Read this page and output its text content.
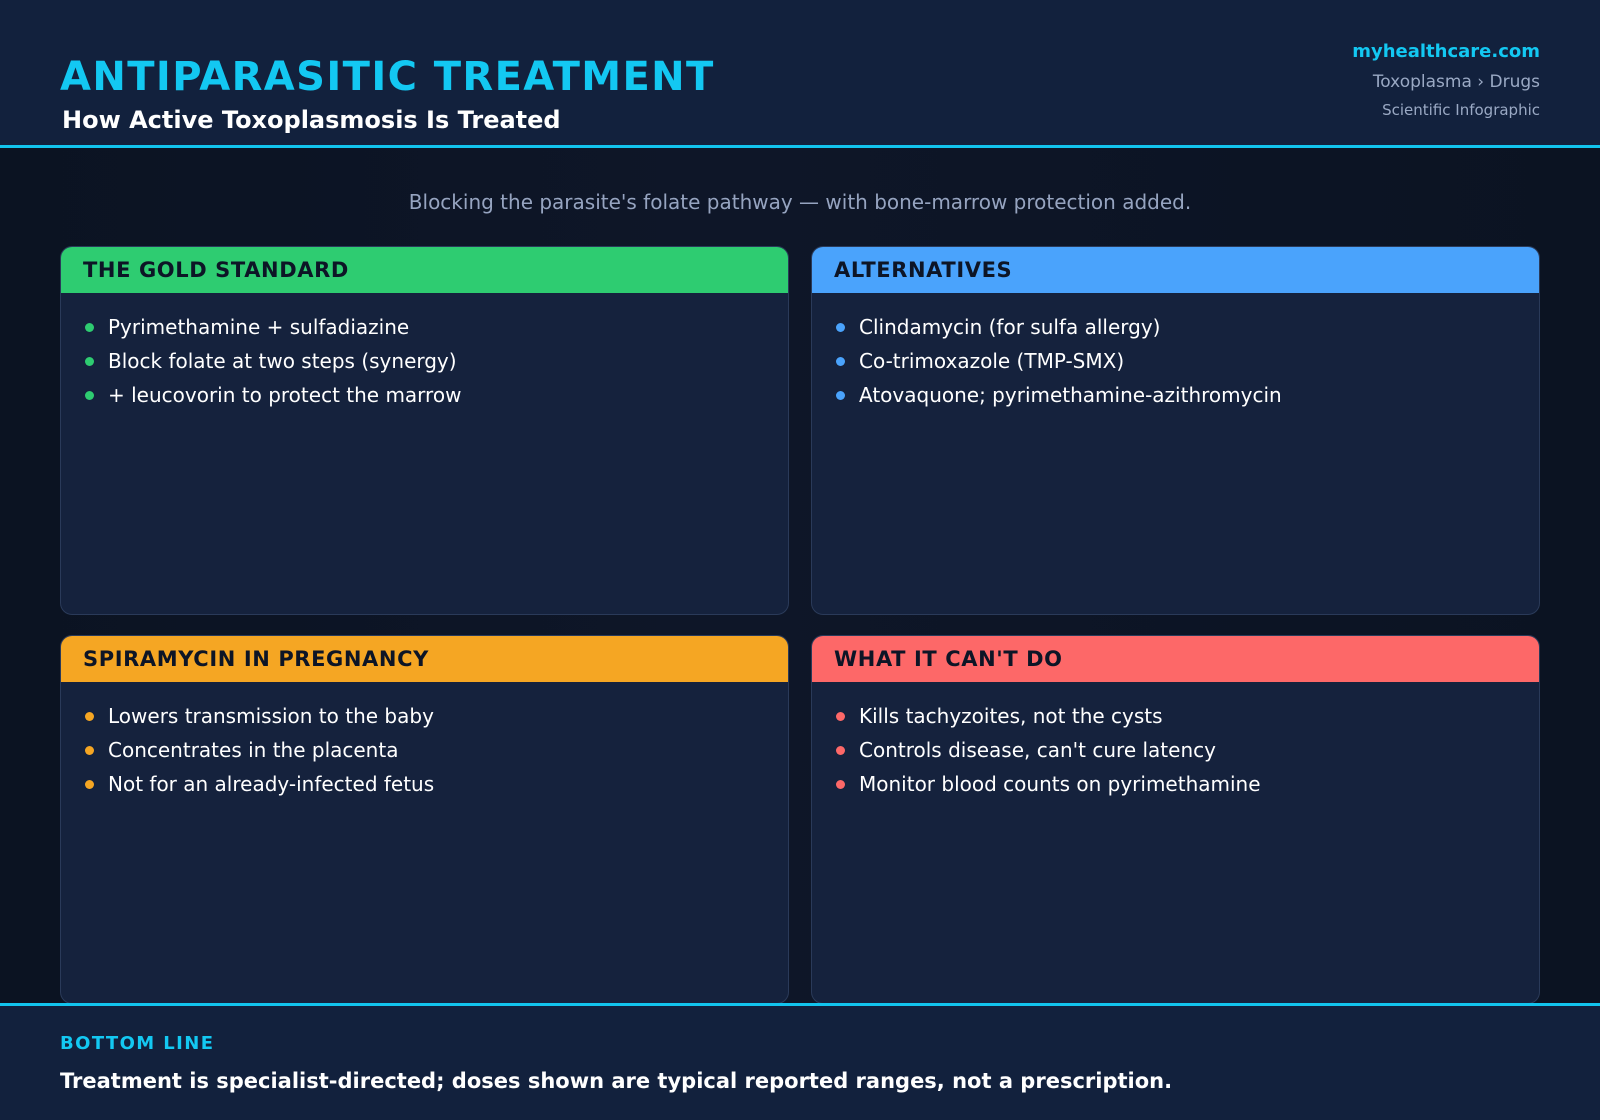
ANTIPARASITIC TREATMENT
How Active Toxoplasmosis Is Treated
myhealthcare.com
Toxoplasma › Drugs
Scientific Infographic
Blocking the parasite's folate pathway — with bone-marrow protection added.
THE GOLD STANDARD
Pyrimethamine + sulfadiazine
Block folate at two steps (synergy)
+ leucovorin to protect the marrow
ALTERNATIVES
Clindamycin (for sulfa allergy)
Co-trimoxazole (TMP-SMX)
Atovaquone; pyrimethamine-azithromycin
SPIRAMYCIN IN PREGNANCY
Lowers transmission to the baby
Concentrates in the placenta
Not for an already-infected fetus
WHAT IT CAN'T DO
Kills tachyzoites, not the cysts
Controls disease, can't cure latency
Monitor blood counts on pyrimethamine
BOTTOM LINE
Treatment is specialist-directed; doses shown are typical reported ranges, not a prescription.
